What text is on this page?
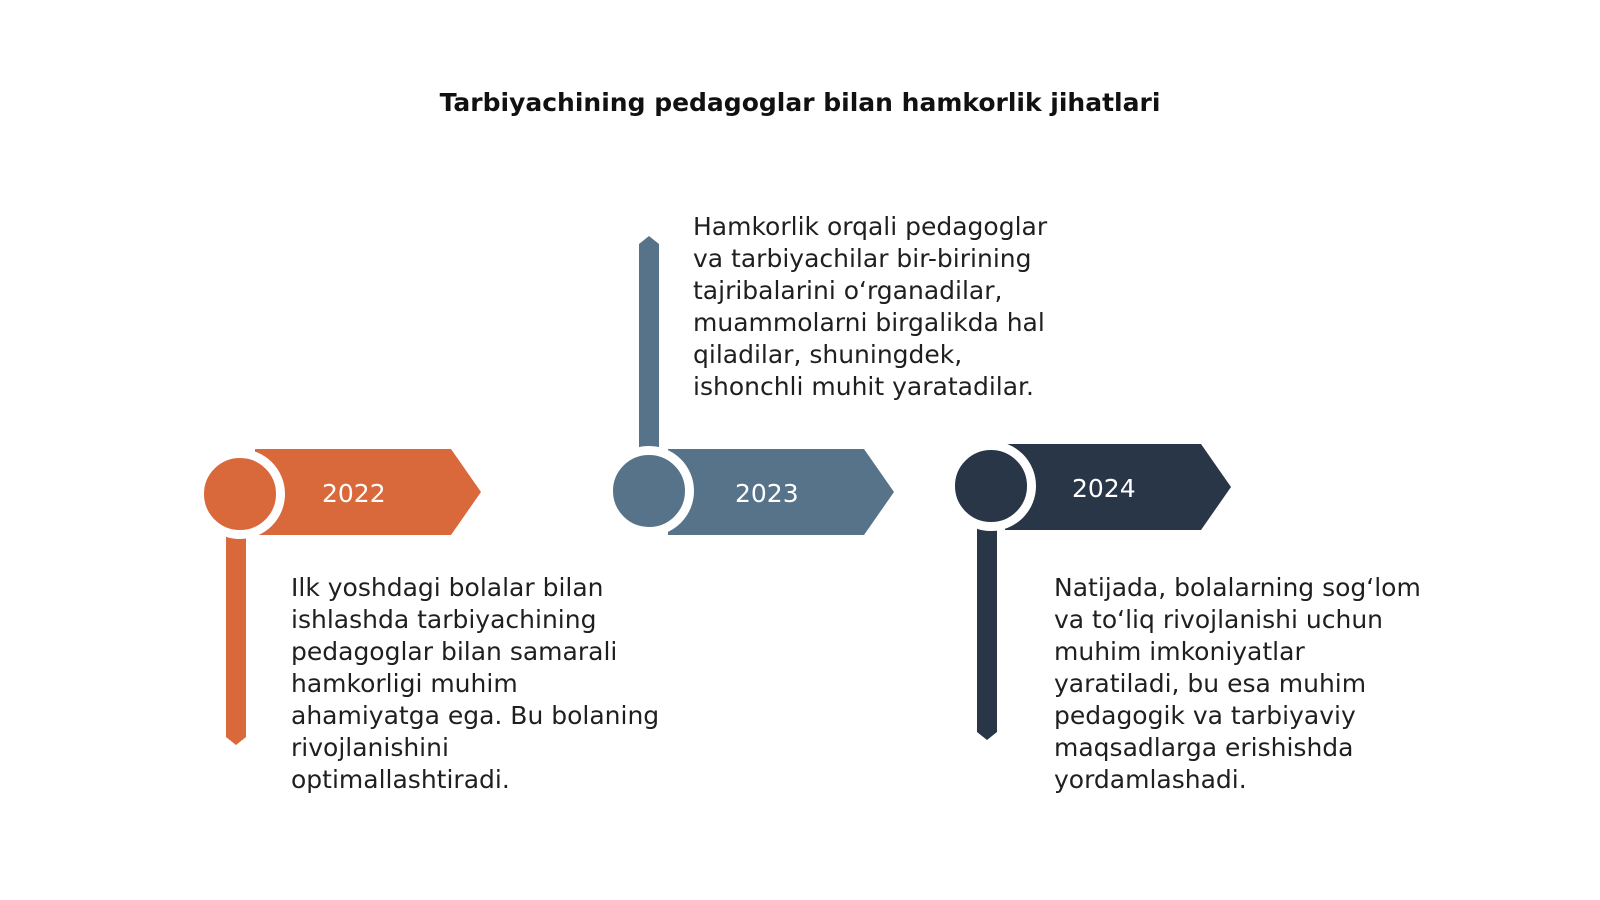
Tarbiyachining pedagoglar bilan hamkorlik jihatlari
2022

Ilk yoshdagi bolalar bilan ishlashda tarbiyachining pedagoglar bilan samarali hamkorligi muhim ahamiyatga ega. Bu bolaning rivojlanishini optimallashtiradi.

2023

Hamkorlik orqali pedagoglar va tarbiyachilar bir-birining tajribalarini o‘rganadilar, muammolarni birgalikda hal qiladilar, shuningdek, ishonchli muhit yaratadilar.

2024

Natijada, bolalarning sog‘lom va to‘liq rivojlanishi uchun muhim imkoniyatlar yaratiladi, bu esa muhim pedagogik va tarbiyaviy maqsadlarga erishishda yordamlashadi.
